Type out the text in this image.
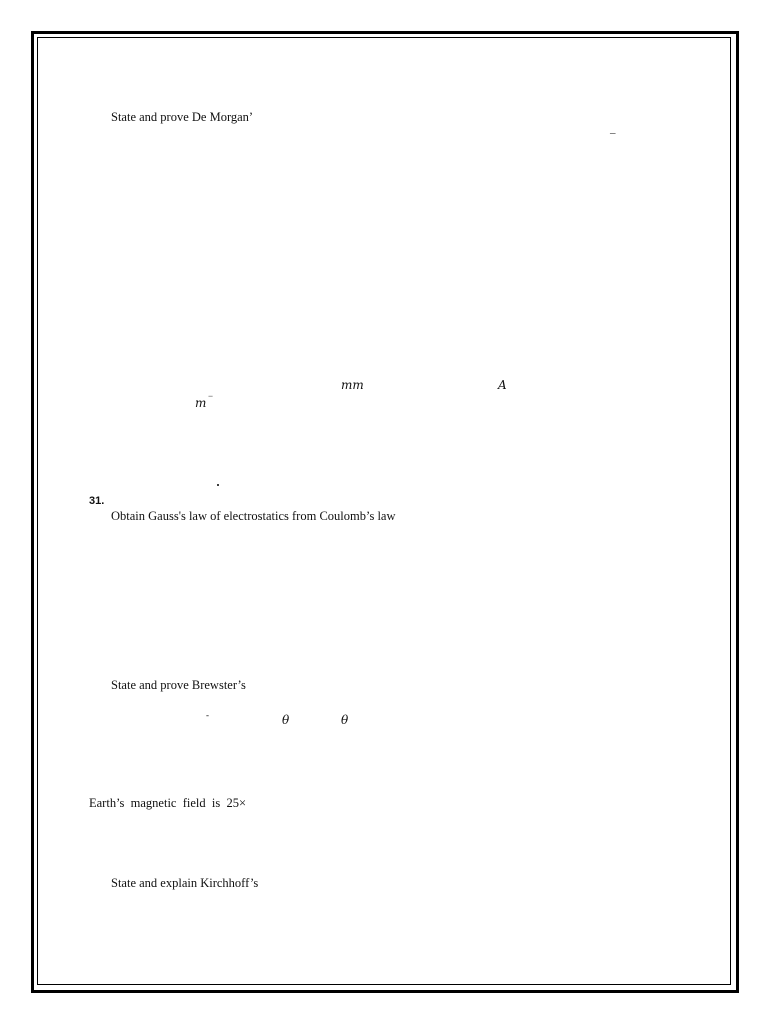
State and prove De Morgan’
–
mm	A
m −
31.
Obtain Gauss's law of electrostatics from Coulomb’s law
State and prove Brewster’s
-	θ	θ
Earth’s  magnetic  field  is  25×
State and explain Kirchhoff’s
